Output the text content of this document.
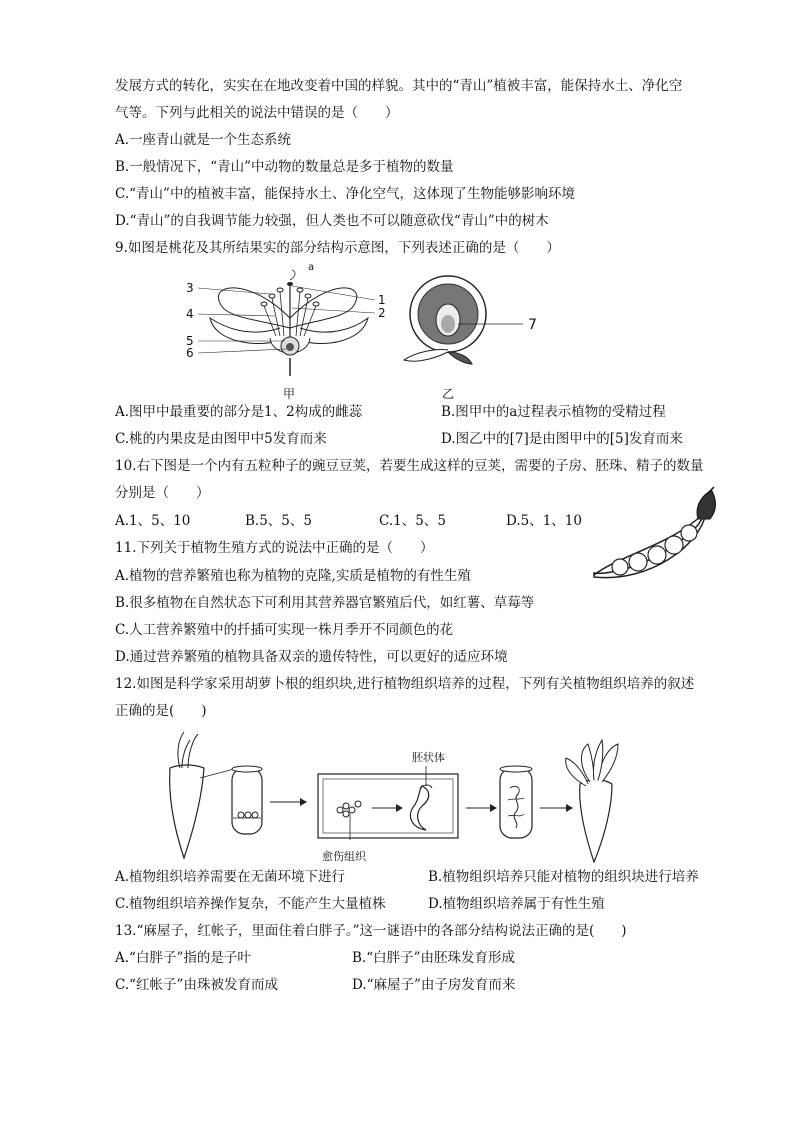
发展方式的转化，实实在在地改变着中国的样貌。其中的“青山”植被丰富，能保持水土、净化空
气等。下列与此相关的说法中错误的是（　　）
A.一座青山就是一个生态系统
B.一般情况下，“青山”中动物的数量总是多于植物的数量
C.“青山”中的植被丰富，能保持水土、净化空气，这体现了生物能够影响环境
D.“青山”的自我调节能力较强，但人类也不可以随意砍伐“青山”中的树木
9.如图是桃花及其所结果实的部分结构示意图，下列表述正确的是（　　）
3
4
5
6
a
1
2
甲
7
乙
A.图甲中最重要的部分是1、2构成的雌蕊	B.图甲中的a过程表示植物的受精过程
C.桃的内果皮是由图甲中5发育而来	D.图乙中的[7]是由图甲中的[5]发育而来
10.右下图是一个内有五粒种子的豌豆豆荚，若要生成这样的豆荚，需要的子房、胚珠、精子的数量
分别是（　　）
A.1、5、10	B.5、5、5	C.1、5、5	D.5、1、10
11.下列关于植物生殖方式的说法中正确的是（　　）
A.植物的营养繁殖也称为植物的克隆,实质是植物的有性生殖
B.很多植物在自然状态下可利用其营养器官繁殖后代，如红薯、草莓等
C.人工营养繁殖中的扦插可实现一株月季开不同颜色的花
D.通过营养繁殖的植物具备双亲的遗传特性，可以更好的适应环境
12.如图是科学家采用胡萝卜根的组织块,进行植物组织培养的过程，下列有关植物组织培养的叙述
正确的是(　　)
胚状体
愈伤组织
A.植物组织培养需要在无菌环境下进行	B.植物组织培养只能对植物的组织块进行培养
C.植物组织培养操作复杂，不能产生大量植株	D.植物组织培养属于有性生殖
13.“麻屋子，红帐子，里面住着白胖子。”这一谜语中的各部分结构说法正确的是(　　)
A.“白胖子”指的是子叶	B.“白胖子”由胚珠发育形成
C.“红帐子”由珠被发育而成	D.“麻屋子”由子房发育而来
